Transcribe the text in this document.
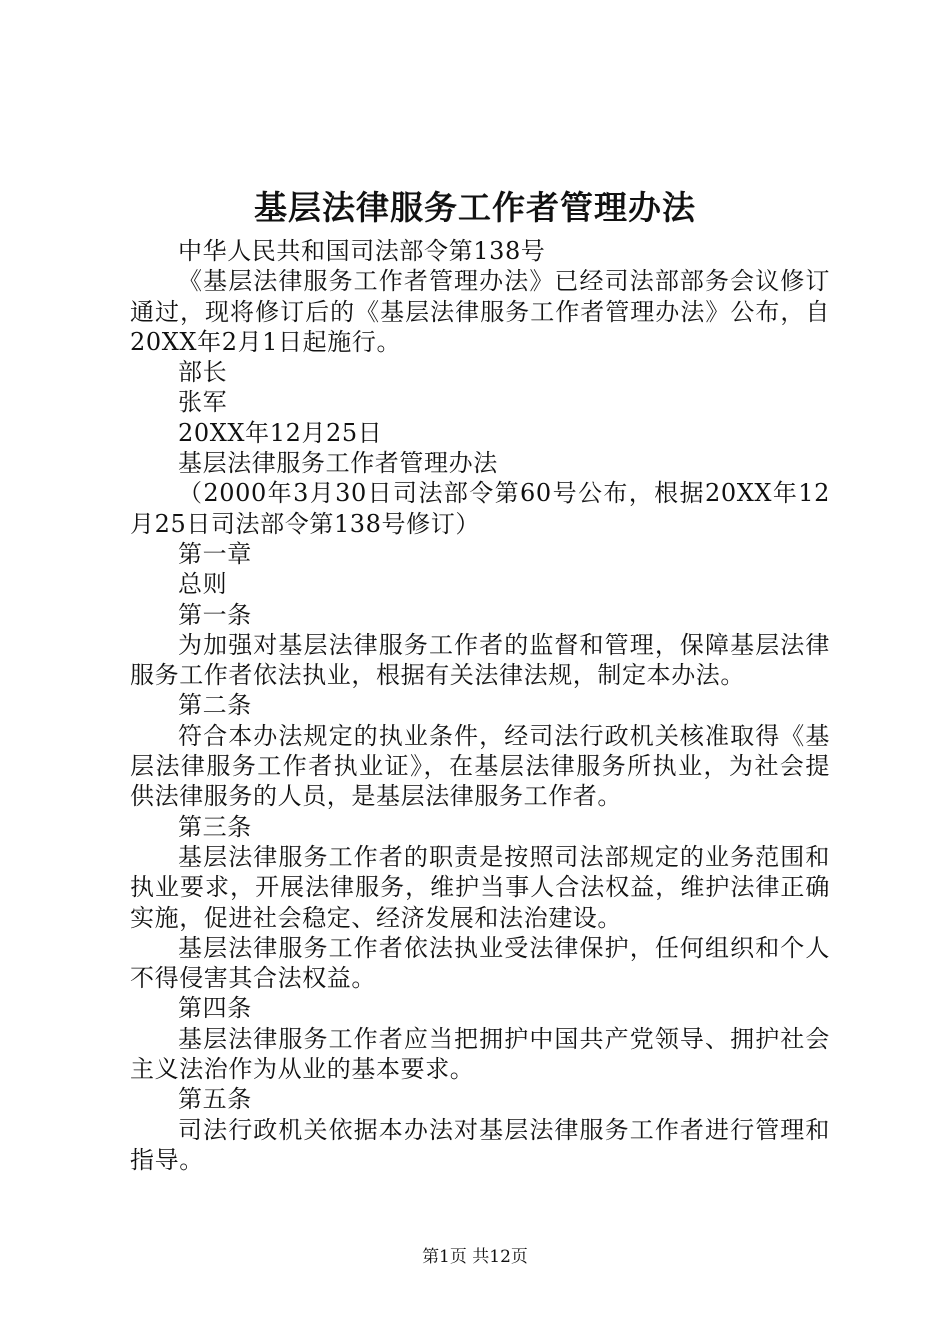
基层法律服务工作者管理办法

中华人民共和国司法部令第138号

《基层法律服务工作者管理办法》已经司法部部务会议修订通过，现将修订后的《基层法律服务工作者管理办法》公布，自20XX年2月1日起施行。

部长

张军

20XX年12月25日

基层法律服务工作者管理办法

（2000年3月30日司法部令第60号公布，根据20XX年12月25日司法部令第138号修订）

第一章

总则

第一条

为加强对基层法律服务工作者的监督和管理，保障基层法律服务工作者依法执业，根据有关法律法规，制定本办法。

第二条

符合本办法规定的执业条件，经司法行政机关核准取得《基层法律服务工作者执业证》，在基层法律服务所执业，为社会提供法律服务的人员，是基层法律服务工作者。

第三条

基层法律服务工作者的职责是按照司法部规定的业务范围和执业要求，开展法律服务，维护当事人合法权益，维护法律正确实施，促进社会稳定、经济发展和法治建设。

基层法律服务工作者依法执业受法律保护，任何组织和个人不得侵害其合法权益。

第四条

基层法律服务工作者应当把拥护中国共产党领导、拥护社会主义法治作为从业的基本要求。

第五条

司法行政机关依据本办法对基层法律服务工作者进行管理和指导。

第1页 共12页
